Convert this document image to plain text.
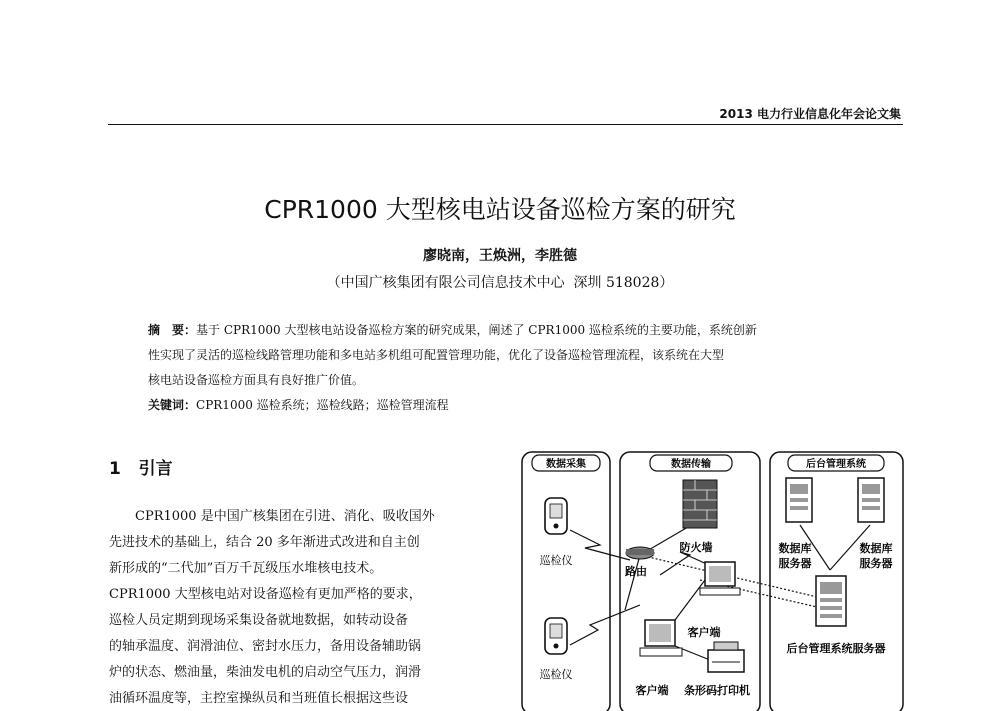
2013 电力行业信息化年会论文集
CPR1000 大型核电站设备巡检方案的研究
廖晓南，王焕洲，李胜德
（中国广核集团有限公司信息技术中心  深圳 518028）
摘　要：基于 CPR1000 大型核电站设备巡检方案的研究成果，阐述了 CPR1000 巡检系统的主要功能，系统创新
性实现了灵活的巡检线路管理功能和多电站多机组可配置管理功能，优化了设备巡检管理流程，该系统在大型
核电站设备巡检方面具有良好推广价值。
关键词：CPR1000 巡检系统；巡检线路；巡检管理流程
1 引言
CPR1000 是中国广核集团在引进、消化、吸收国外
先进技术的基础上，结合 20 多年渐进式改进和自主创
新形成的“二代加”百万千瓦级压水堆核电技术。
CPR1000 大型核电站对设备巡检有更加严格的要求，
巡检人员定期到现场采集设备就地数据，如转动设备
的轴承温度、润滑油位、密封水压力，备用设备辅助锅
炉的状态、燃油量，柴油发电机的启动空气压力，润滑
油循环温度等，主控室操纵员和当班值长根据这些设
数据采集	数据传输	后台管理系统
巡检仪
巡检仪
路由
防火墙
客户端
客户端 条形码打印机
数据库
服务器
数据库
服务器
后台管理系统服务器
